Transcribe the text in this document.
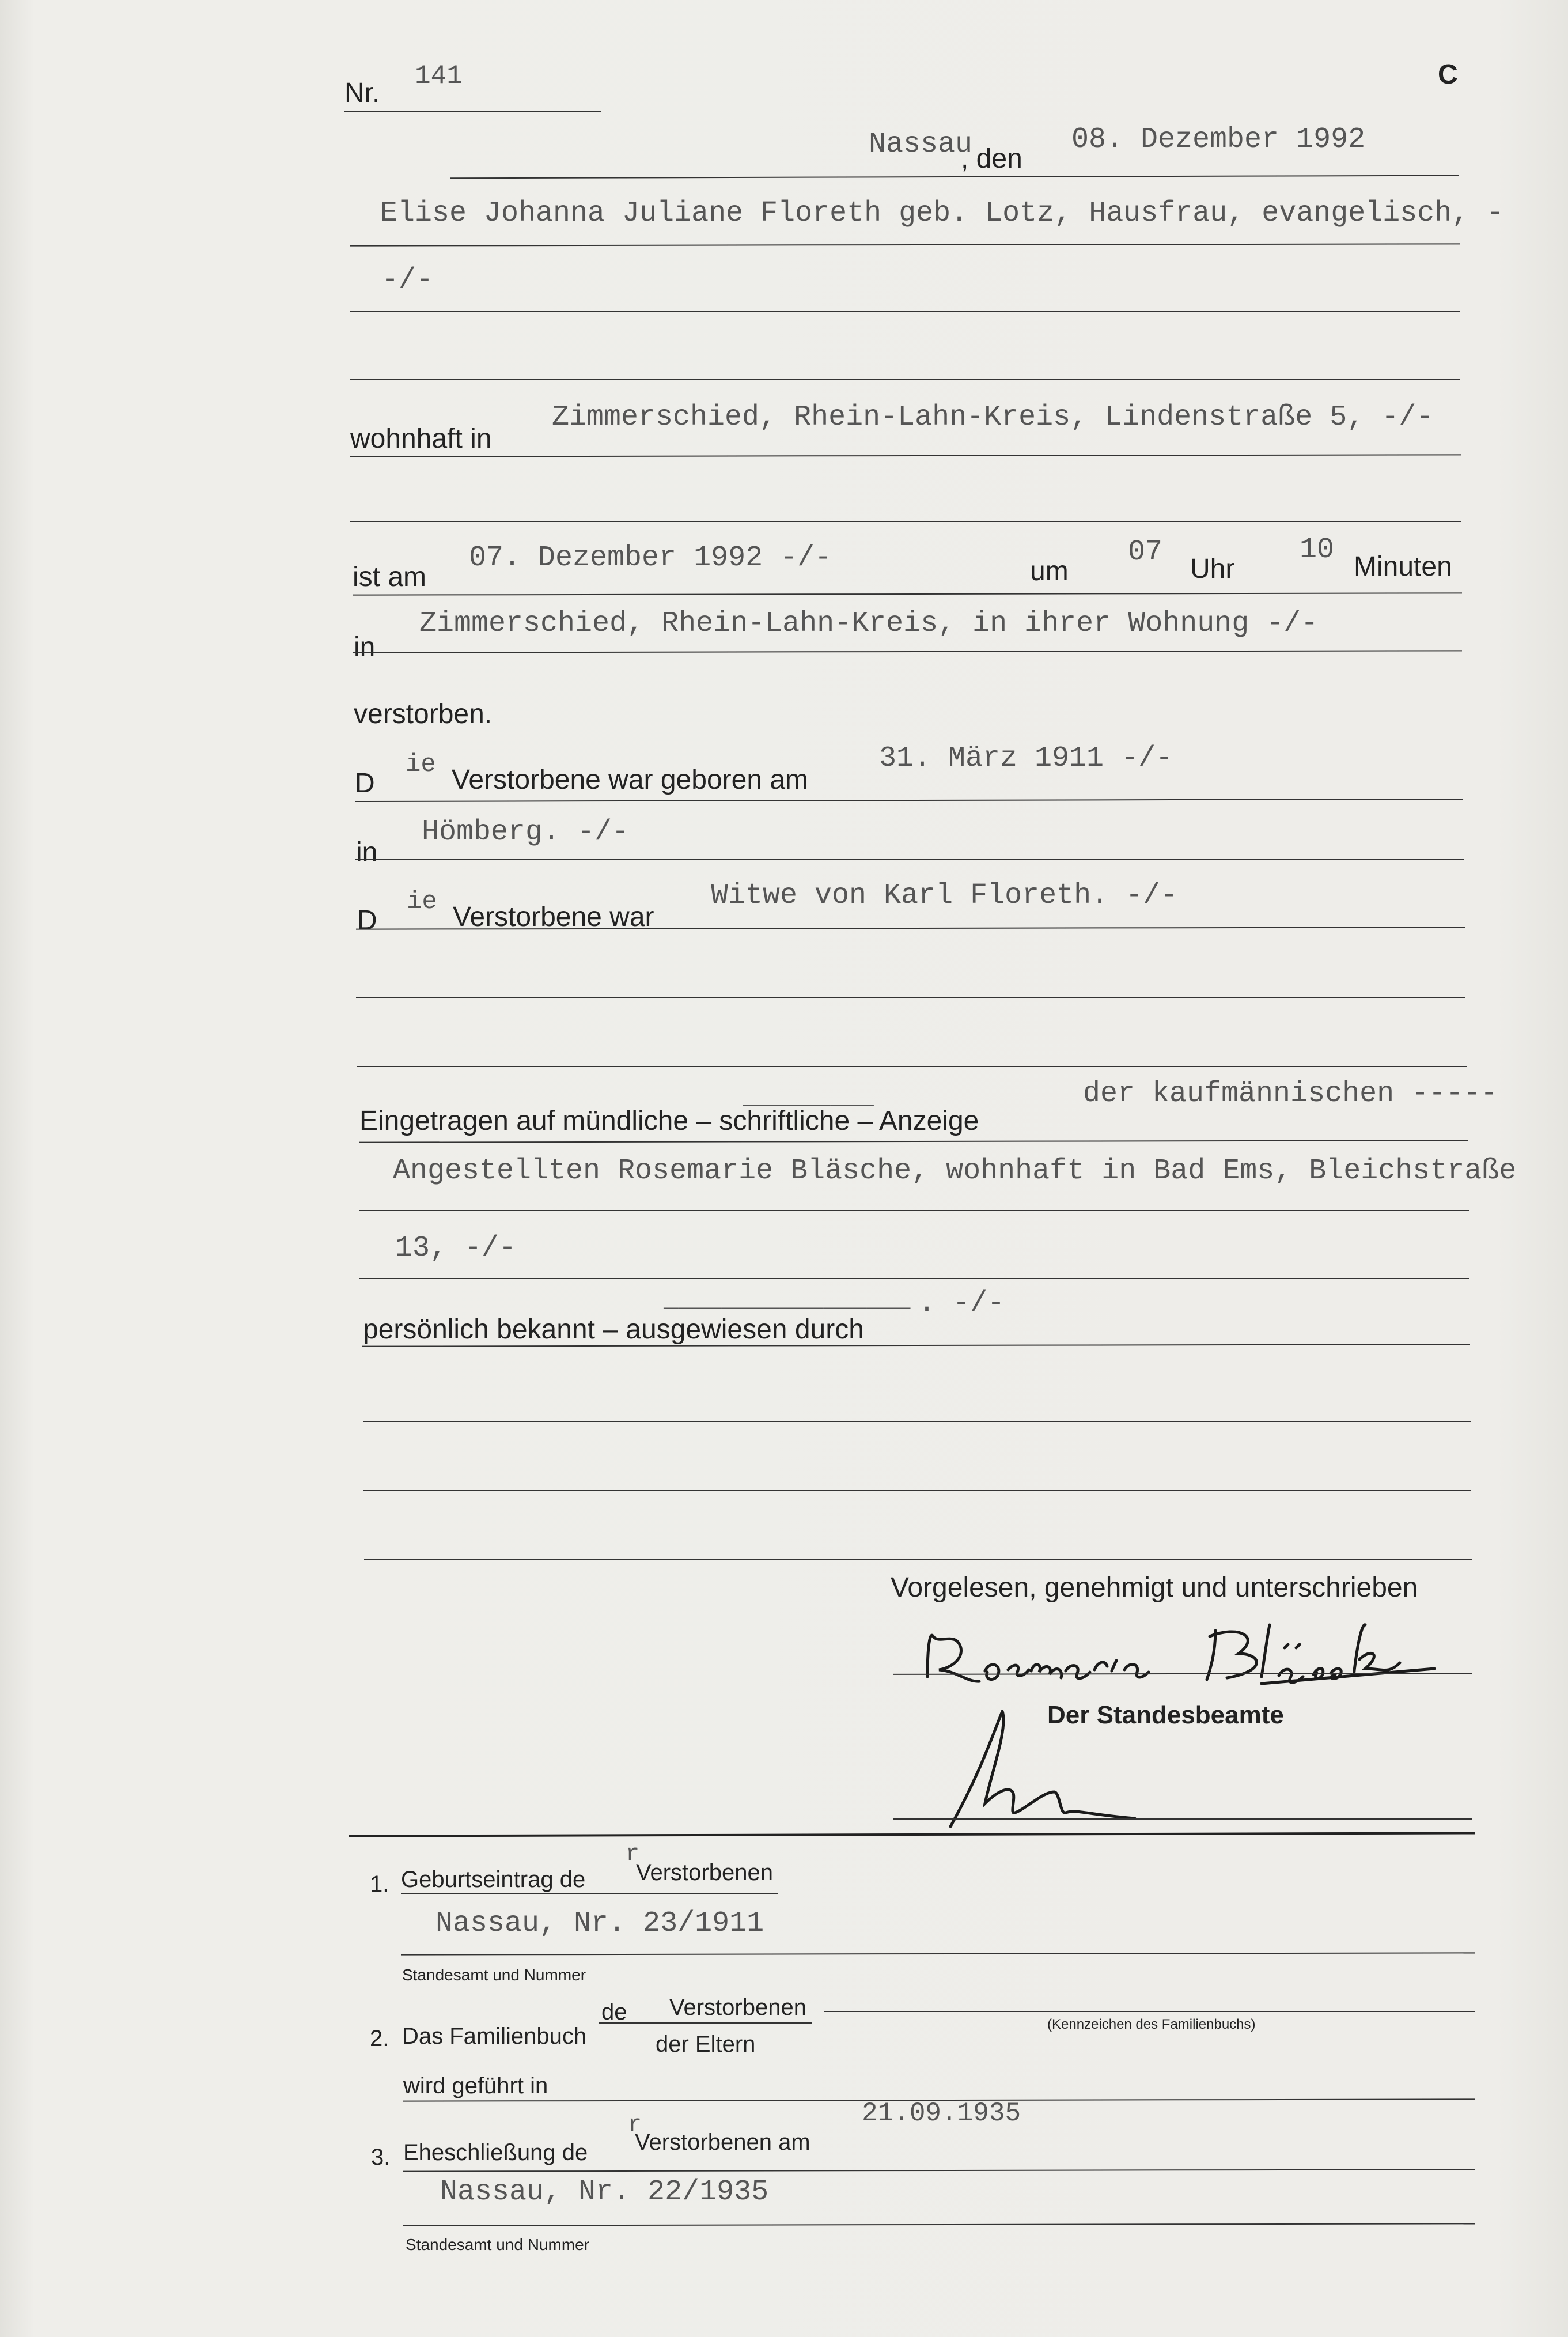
C
Nr.
141
Nassau
, den
08. Dezember 1992
Elise Johanna Juliane Floreth geb. Lotz, Hausfrau, evangelisch, -
-/-
wohnhaft in
Zimmerschied, Rhein-Lahn-Kreis, Lindenstraße 5, -/-
ist am
07. Dezember 1992 -/-	um
07
Uhr
10
Minuten
in
Zimmerschied, Rhein-Lahn-Kreis, in ihrer Wohnung -/-
verstorben.
D
ie Verstorbene war geboren am
31. März 1911 -/-
in
Hömberg. -/-
D
ie Verstorbene war
Witwe von Karl Floreth. -/-
_________
Eingetragen auf mündliche – schriftliche – Anzeige
der kaufmännischen -----
Angestellten Rosemarie Bläsche, wohnhaft in Bad Ems, Bleichstraße
13, -/-
_________________ . -/-
persönlich bekannt – ausgewiesen durch
Vorgelesen, genehmigt und unterschrieben
Der Standesbeamte
1. Geburtseintrag de
r
Verstorbenen
Nassau, Nr. 23/1911
Standesamt und Nummer
2. Das Familienbuch
de Verstorbenen
der Eltern
(Kennzeichen des Familienbuchs)
wird geführt in
3. Eheschließung de
r
Verstorbenen am
21.09.1935
Nassau, Nr. 22/1935
Standesamt und Nummer
